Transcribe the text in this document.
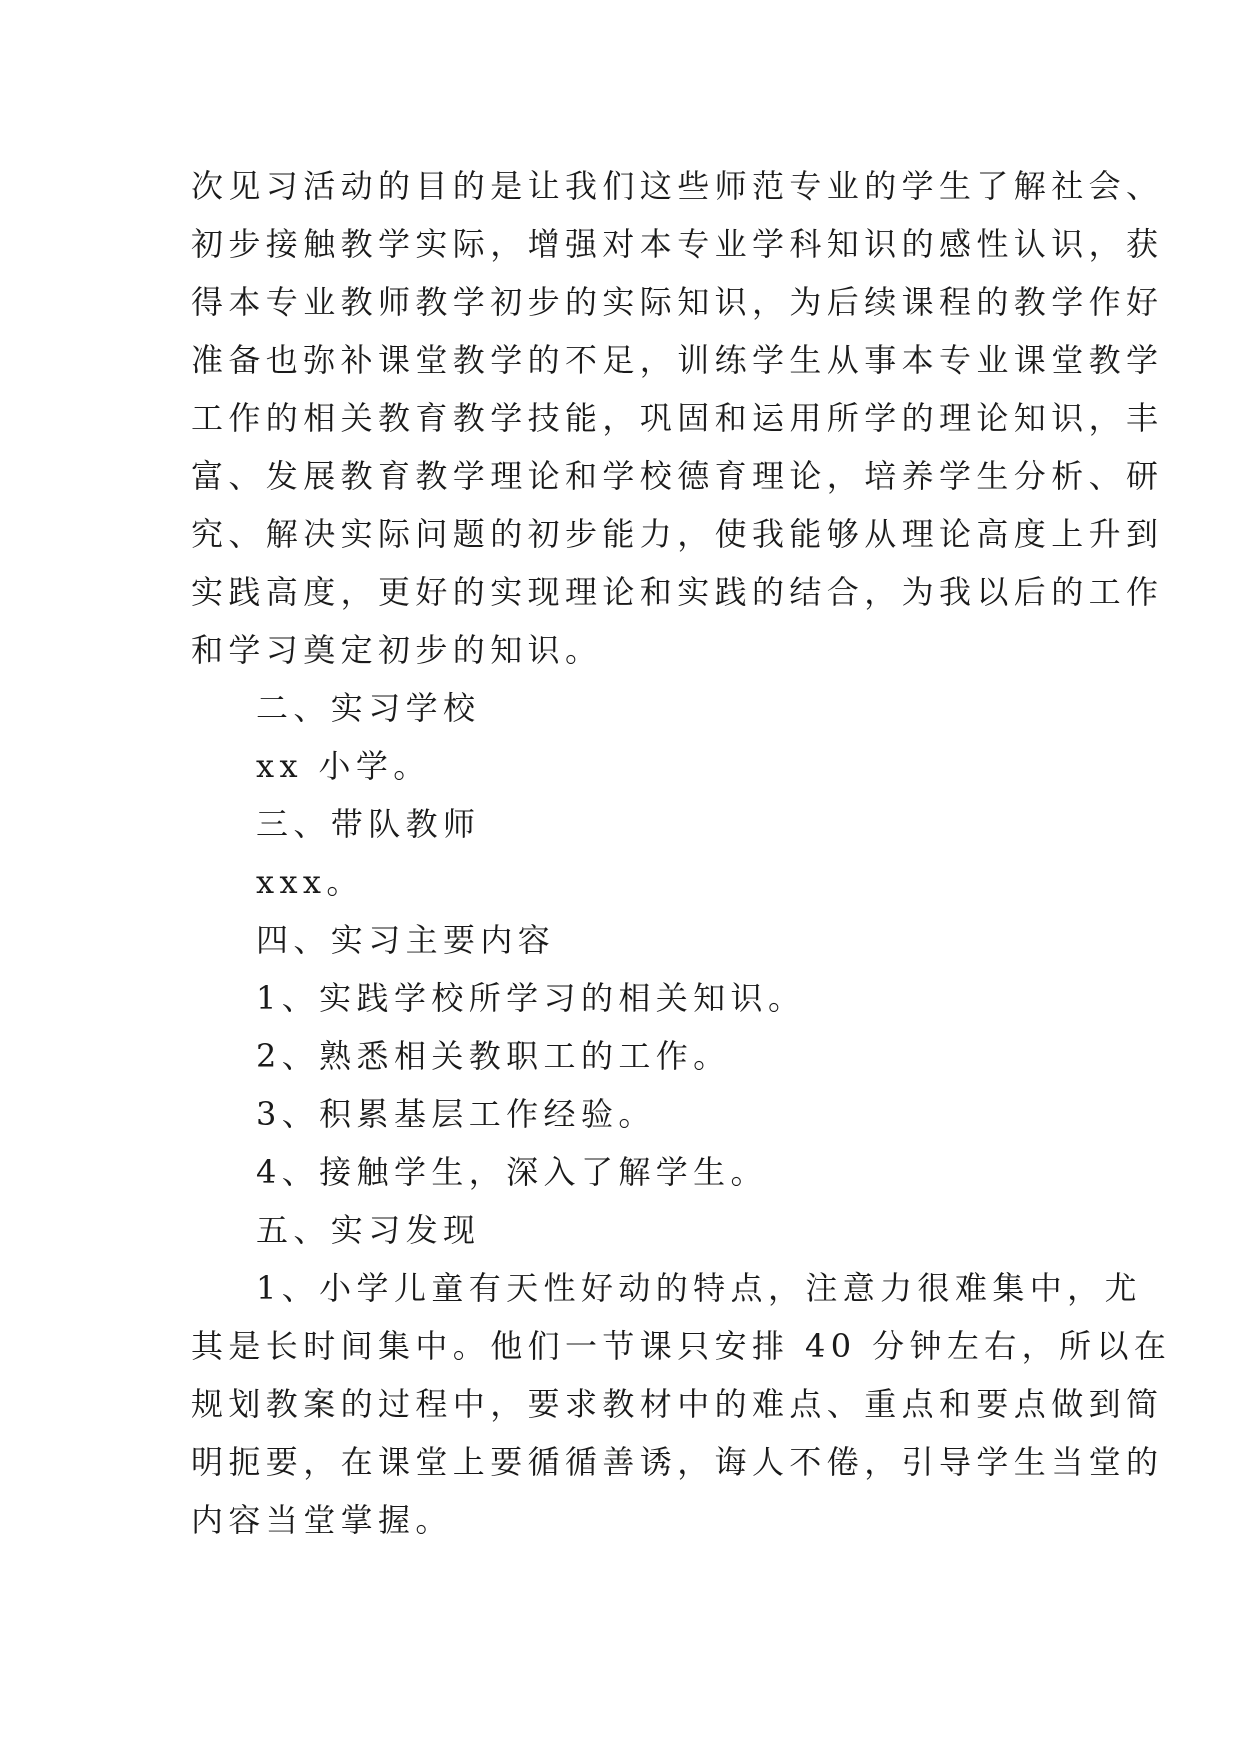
次见习活动的目的是让我们这些师范专业的学生了解社会、
初步接触教学实际，增强对本专业学科知识的感性认识，获
得本专业教师教学初步的实际知识，为后续课程的教学作好
准备也弥补课堂教学的不足，训练学生从事本专业课堂教学
工作的相关教育教学技能，巩固和运用所学的理论知识，丰
富、发展教育教学理论和学校德育理论，培养学生分析、研
究、解决实际问题的初步能力，使我能够从理论高度上升到
实践高度，更好的实现理论和实践的结合，为我以后的工作
和学习奠定初步的知识。
二、实习学校
xx 小学。
三、带队教师
xxx。
四、实习主要内容
1、实践学校所学习的相关知识。
2、熟悉相关教职工的工作。
3、积累基层工作经验。
4、接触学生，深入了解学生。
五、实习发现
1、小学儿童有天性好动的特点，注意力很难集中，尤
其是长时间集中。他们一节课只安排 40 分钟左右，所以在
规划教案的过程中，要求教材中的难点、重点和要点做到简
明扼要，在课堂上要循循善诱，诲人不倦，引导学生当堂的
内容当堂掌握。
